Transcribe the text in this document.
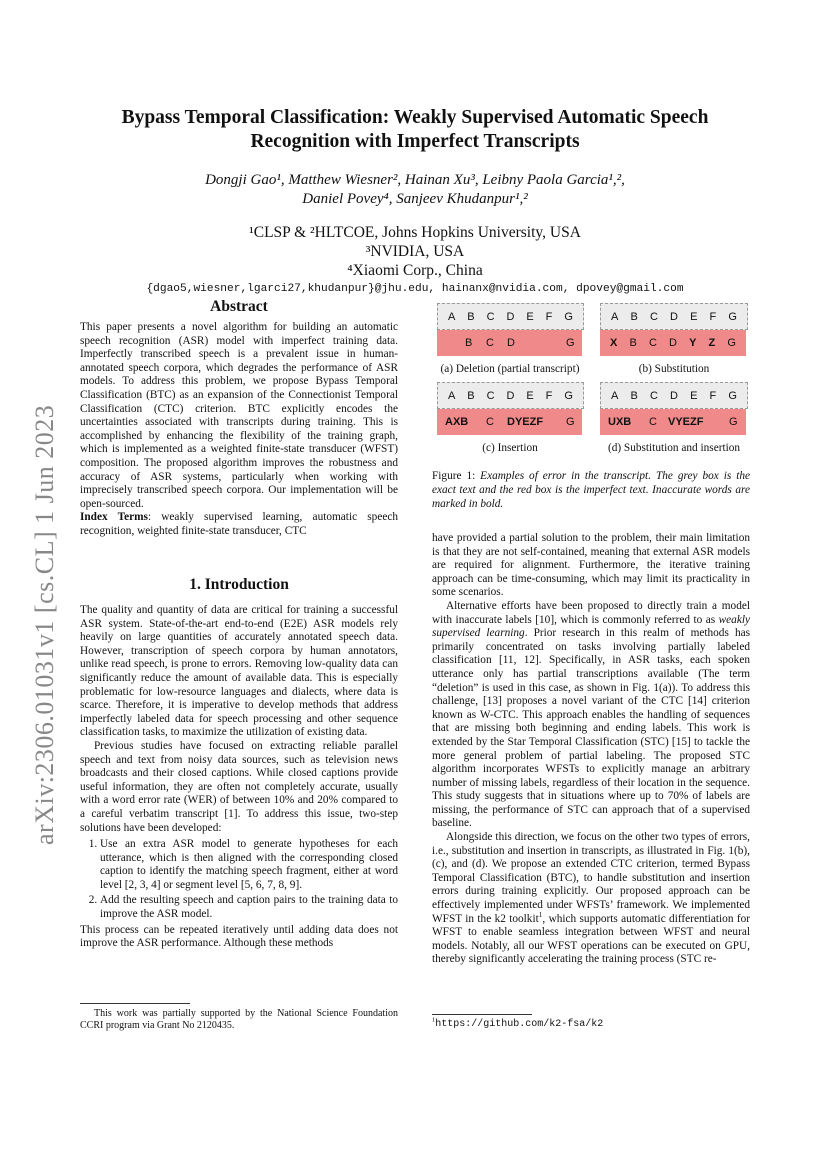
arXiv:2306.01031v1 [cs.CL] 1 Jun 2023
Bypass Temporal Classification: Weakly Supervised Automatic Speech
Recognition with Imperfect Transcripts
Dongji Gao¹, Matthew Wiesner², Hainan Xu³, Leibny Paola Garcia¹,²,
Daniel Povey⁴, Sanjeev Khudanpur¹,²
¹CLSP & ²HLTCOE, Johns Hopkins University, USA
³NVIDIA, USA
⁴Xiaomi Corp., China
{dgao5,wiesner,lgarci27,khudanpur}@jhu.edu, hainanx@nvidia.com, dpovey@gmail.com
Abstract

This paper presents a novel algorithm for building an automatic speech recognition (ASR) model with imperfect training data. Imperfectly transcribed speech is a prevalent issue in human-annotated speech corpora, which degrades the performance of ASR models. To address this problem, we propose Bypass Temporal Classification (BTC) as an expansion of the Connectionist Temporal Classification (CTC) criterion. BTC explicitly encodes the uncertainties associated with transcripts during training. This is accomplished by enhancing the flexibility of the training graph, which is implemented as a weighted finite-state transducer (WFST) composition. The proposed algorithm improves the robustness and accuracy of ASR systems, particularly when working with imprecisely transcribed speech corpora. Our implementation will be open-sourced.

Index Terms: weakly supervised learning, automatic speech recognition, weighted finite-state transducer, CTC

1. Introduction

The quality and quantity of data are critical for training a successful ASR system. State-of-the-art end-to-end (E2E) ASR models rely heavily on large quantities of accurately annotated speech data. However, transcription of speech corpora by human annotators, unlike read speech, is prone to errors. Removing low-quality data can significantly reduce the amount of available data. This is especially problematic for low-resource languages and dialects, where data is scarce. Therefore, it is imperative to develop methods that address imperfectly labeled data for speech processing and other sequence classification tasks, to maximize the utilization of existing data.

Previous studies have focused on extracting reliable parallel speech and text from noisy data sources, such as television news broadcasts and their closed captions. While closed captions provide useful information, they are often not completely accurate, usually with a word error rate (WER) of between 10% and 20% compared to a careful verbatim transcript [1]. To address this issue, two-step solutions have been developed:

1. Use an extra ASR model to generate hypotheses for each utterance, which is then aligned with the corresponding closed caption to identify the matching speech fragment, either at word level [2, 3, 4] or segment level [5, 6, 7, 8, 9].
2. Add the resulting speech and caption pairs to the training data to improve the ASR model.

This process can be repeated iteratively until adding data does not improve the ASR performance. Although these methods

This work was partially supported by the National Science Foundation CCRI program via Grant No 2120435.

A B C D E F G
B C D	G
(a) Deletion (partial transcript)
A B C D E F G
X B C D Y Z G
(b) Substitution
A B C D E F G
AXB C DYEZF G
(c) Insertion
A B C D E F G
UXB C VYEZF G
(d) Substitution and insertion
Figure 1: Examples of error in the transcript. The grey box is the exact text and the red box is the imperfect text. Inaccurate words are marked in bold.

have provided a partial solution to the problem, their main limitation is that they are not self-contained, meaning that external ASR models are required for alignment. Furthermore, the iterative training approach can be time-consuming, which may limit its practicality in some scenarios.

Alternative efforts have been proposed to directly train a model with inaccurate labels [10], which is commonly referred to as weakly supervised learning. Prior research in this realm of methods has primarily concentrated on tasks involving partially labeled classification [11, 12]. Specifically, in ASR tasks, each spoken utterance only has partial transcriptions available (The term “deletion” is used in this case, as shown in Fig. 1(a)). To address this challenge, [13] proposes a novel variant of the CTC [14] criterion known as W-CTC. This approach enables the handling of sequences that are missing both beginning and ending labels. This work is extended by the Star Temporal Classification (STC) [15] to tackle the more general problem of partial labeling. The proposed STC algorithm incorporates WFSTs to explicitly manage an arbitrary number of missing labels, regardless of their location in the sequence. This study suggests that in situations where up to 70% of labels are missing, the performance of STC can approach that of a supervised baseline.

Alongside this direction, we focus on the other two types of errors, i.e., substitution and insertion in transcripts, as illustrated in Fig. 1(b), (c), and (d). We propose an extended CTC criterion, termed Bypass Temporal Classification (BTC), to handle substitution and insertion errors during training explicitly. Our proposed approach can be effectively implemented under WFSTs’ framework. We implemented WFST in the k2 toolkit$^1$, which supports automatic differentiation for WFST to enable seamless integration between WFST and neural models. Notably, all our WFST operations can be executed on GPU, thereby significantly accelerating the training process (STC re-

$^1$https://github.com/k2-fsa/k2
